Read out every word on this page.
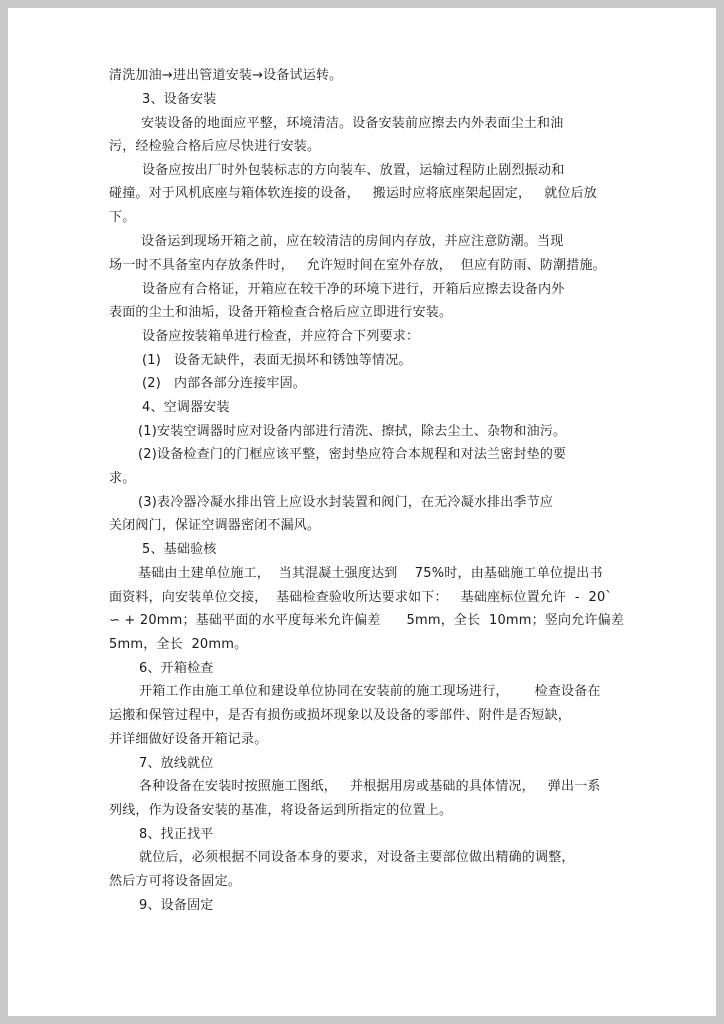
清洗加油→进出管道安装→设备试运转。
3、设备安装
安装设备的地面应平整，环境清洁。设备安装前应擦去内外表面尘土和油
污，经检验合格后应尽快进行安装。
设备应按出厂时外包装标志的方向装车、放置，运输过程防止剧烈振动和
碰撞。对于风机底座与箱体软连接的设备，   搬运时应将底座架起固定，   就位后放
下。
设备运到现场开箱之前，应在较清洁的房间内存放，并应注意防潮。当现
场一时不具备室内存放条件时，   允许短时间在室外存放，  但应有防雨、防潮措施。
设备应有合格证，开箱应在较干净的环境下进行，开箱后应擦去设备内外
表面的尘土和油垢，设备开箱检查合格后应立即进行安装。
设备应按装箱单进行检查，并应符合下列要求：
(1)   设备无缺件，表面无损坏和锈蚀等情况。
(2)   内部各部分连接牢固。
4、空调器安装
(1)安装空调器时应对设备内部进行清洗、擦拭，除去尘土、杂物和油污。
(2)设备检查门的门框应该平整，密封垫应符合本规程和对法兰密封垫的要
求。
(3)表冷器冷凝水排出管上应设水封装置和阀门，在无冷凝水排出季节应
关闭阀门，保证空调器密闭不漏风。
5、基础验核
基础由土建单位施工，  当其混凝土强度达到    75%时，由基础施工单位提出书
面资料，向安装单位交接，  基础检查验收所达要求如下：   基础座标位置允许  -  20`
∽ + 20mm；基础平面的水平度每米允许偏差      5mm，全长  10mm；竖向允许偏差
5mm，全长  20mm。
6、开箱检查
开箱工作由施工单位和建设单位协同在安装前的施工现场进行，      检查设备在
运搬和保管过程中，是否有损伤或损坏现象以及设备的零部件、附件是否短缺，
并详细做好设备开箱记录。
7、放线就位
各种设备在安装时按照施工图纸，   并根据用房或基础的具体情况，   弹出一系
列线，作为设备安装的基准，将设备运到所指定的位置上。
8、找正找平
就位后，必须根据不同设备本身的要求，对设备主要部位做出精确的调整，
然后方可将设备固定。
9、设备固定
